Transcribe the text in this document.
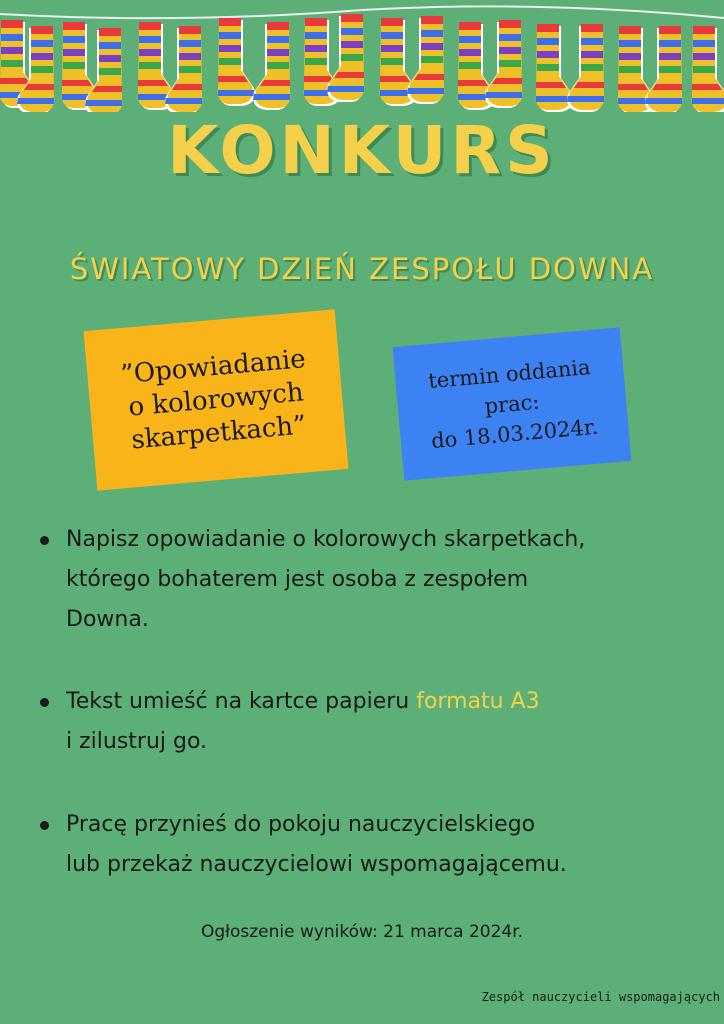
KONKURS
ŚWIATOWY DZIEŃ ZESPOŁU DOWNA
”Opowiadanie
o kolorowych
skarpetkach”
termin oddania
prac:
do 18.03.2024r.
Napisz opowiadanie o kolorowych skarpetkach,
którego bohaterem jest osoba z zespołem
Downa.
Tekst umieść na kartce papieru formatu A3
i zilustruj go.
Pracę przynieś do pokoju nauczycielskiego
lub przekaż nauczycielowi wspomagającemu.
Ogłoszenie wyników: 21 marca 2024r.
Zespół nauczycieli wspomagających
